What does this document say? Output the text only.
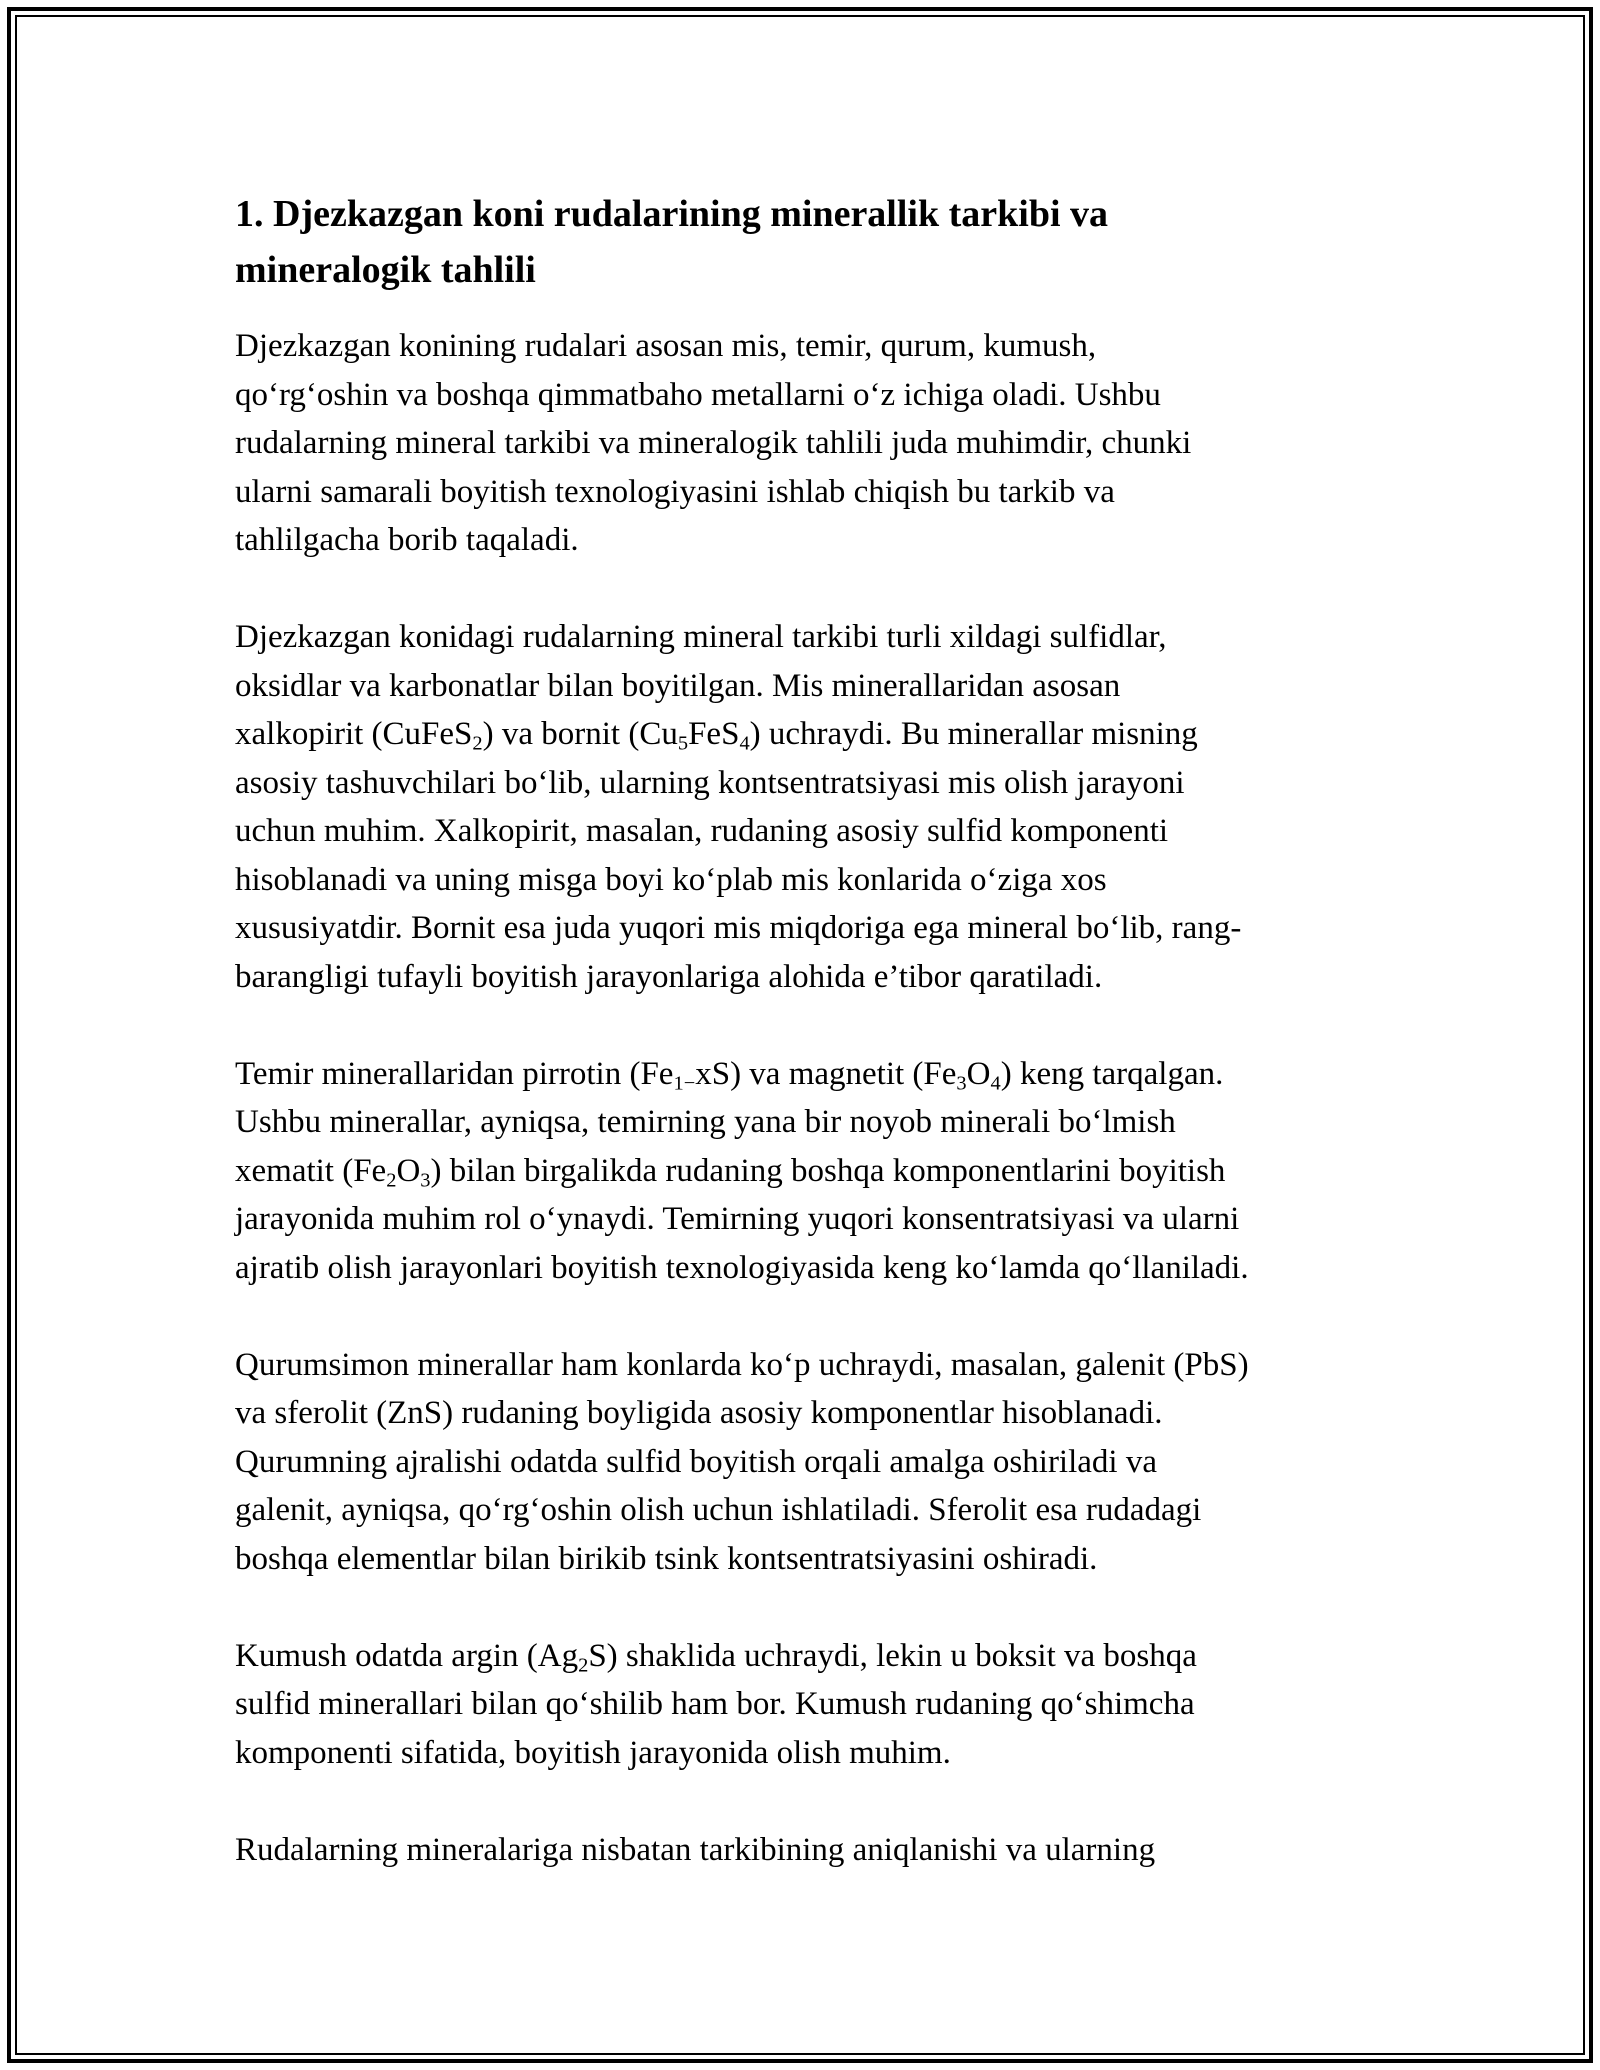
1. Djezkazgan koni rudalarining minerallik tarkibi va
mineralogik tahlili

Djezkazgan konining rudalari asosan mis, temir, qurum, kumush,
qo‘rg‘oshin va boshqa qimmatbaho metallarni o‘z ichiga oladi. Ushbu
rudalarning mineral tarkibi va mineralogik tahlili juda muhimdir, chunki
ularni samarali boyitish texnologiyasini ishlab chiqish bu tarkib va
tahlilgacha borib taqaladi.

Djezkazgan konidagi rudalarning mineral tarkibi turli xildagi sulfidlar,
oksidlar va karbonatlar bilan boyitilgan. Mis minerallaridan asosan
xalkopirit (CuFeS$_2$) va bornit $(Cu_5FeS_4)$ uchraydi. Bu minerallar misning
asosiy tashuvchilari bo‘lib, ularning kontsentratsiyasi mis olish jarayoni
uchun muhim. Xalkopirit, masalan, rudaning asosiy sulfid komponenti
hisoblanadi va uning misga boyi ko‘plab mis konlarida o‘ziga xos
xususiyatdir. Bornit esa juda yuqori mis miqdoriga ega mineral bo‘lib, rang-
barangligi tufayli boyitish jarayonlariga alohida e’tibor qaratiladi.

Temir minerallaridan pirrotin $(Fe_{1-}xS)$ va magnetit $(Fe_3O_4)$ keng tarqalgan.
Ushbu minerallar, ayniqsa, temirning yana bir noyob minerali bo‘lmish
xematit $(Fe_2O_3)$ bilan birgalikda rudaning boshqa komponentlarini boyitish
jarayonida muhim rol o‘ynaydi. Temirning yuqori konsentratsiyasi va ularni
ajratib olish jarayonlari boyitish texnologiyasida keng ko‘lamda qo‘llaniladi.

Qurumsimon minerallar ham konlarda ko‘p uchraydi, masalan, galenit (PbS)
va sferolit (ZnS) rudaning boyligida asosiy komponentlar hisoblanadi.
Qurumning ajralishi odatda sulfid boyitish orqali amalga oshiriladi va
galenit, ayniqsa, qo‘rg‘oshin olish uchun ishlatiladi. Sferolit esa rudadagi
boshqa elementlar bilan birikib tsink kontsentratsiyasini oshiradi.

Kumush odatda argin $(Ag_2S)$ shaklida uchraydi, lekin u boksit va boshqa
sulfid minerallari bilan qo‘shilib ham bor. Kumush rudaning qo‘shimcha
komponenti sifatida, boyitish jarayonida olish muhim.

Rudalarning mineralariga nisbatan tarkibining aniqlanishi va ularning
